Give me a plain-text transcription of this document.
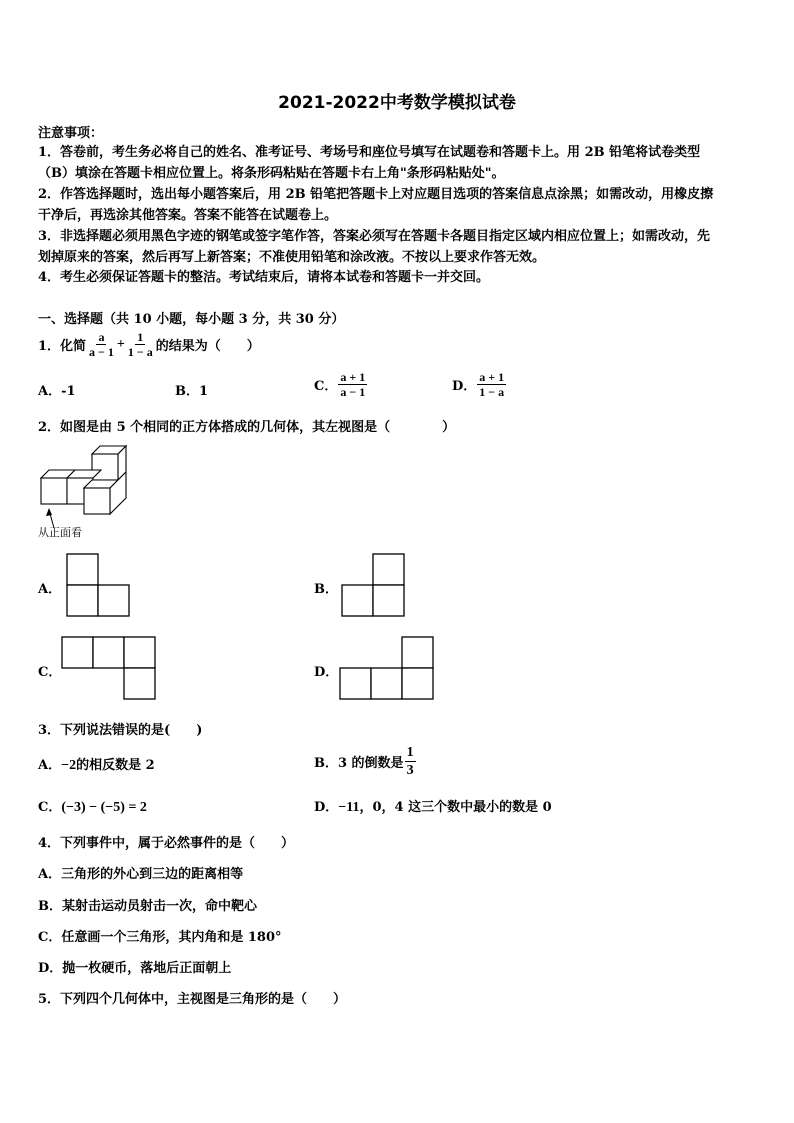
2021-2022中考数学模拟试卷
注意事项：
1．答卷前，考生务必将自己的姓名、准考证号、考场号和座位号填写在试题卷和答题卡上。用 2B 铅笔将试卷类型
（B）填涂在答题卡相应位置上。将条形码粘贴在答题卡右上角"条形码粘贴处"。
2．作答选择题时，选出每小题答案后，用 2B 铅笔把答题卡上对应题目选项的答案信息点涂黑；如需改动，用橡皮擦
干净后，再选涂其他答案。答案不能答在试题卷上。
3．非选择题必须用黑色字迹的钢笔或签字笔作答，答案必须写在答题卡各题目指定区域内相应位置上；如需改动，先
划掉原来的答案，然后再写上新答案；不准使用铅笔和涂改液。不按以上要求作答无效。
4．考生必须保证答题卡的整洁。考试结束后，请将本试卷和答题卡一并交回。
一、选择题（共 10 小题，每小题 3 分，共 30 分）
1．化简 $\frac{a}{a - 1} + \frac{1}{1 - a}$ 的结果为（　　）
A．-1	B．1	C． $\frac{a + 1}{a - 1}$	D． $\frac{a + 1}{1 - a}$
2．如图是由 5 个相同的正方体搭成的几何体，其左视图是（　　　　）
从正面看
A．	B．
C．	D．
3．下列说法错误的是(　　)
A．−2的相反数是 2	B．3 的倒数是 $\frac{1}{3}$
C．(−3) − (−5) = 2	D．−11，0，4 这三个数中最小的数是 0
4．下列事件中，属于必然事件的是（　　）
A．三角形的外心到三边的距离相等
B．某射击运动员射击一次，命中靶心
C．任意画一个三角形，其内角和是 180°
D．抛一枚硬币，落地后正面朝上
5．下列四个几何体中，主视图是三角形的是（　　）
